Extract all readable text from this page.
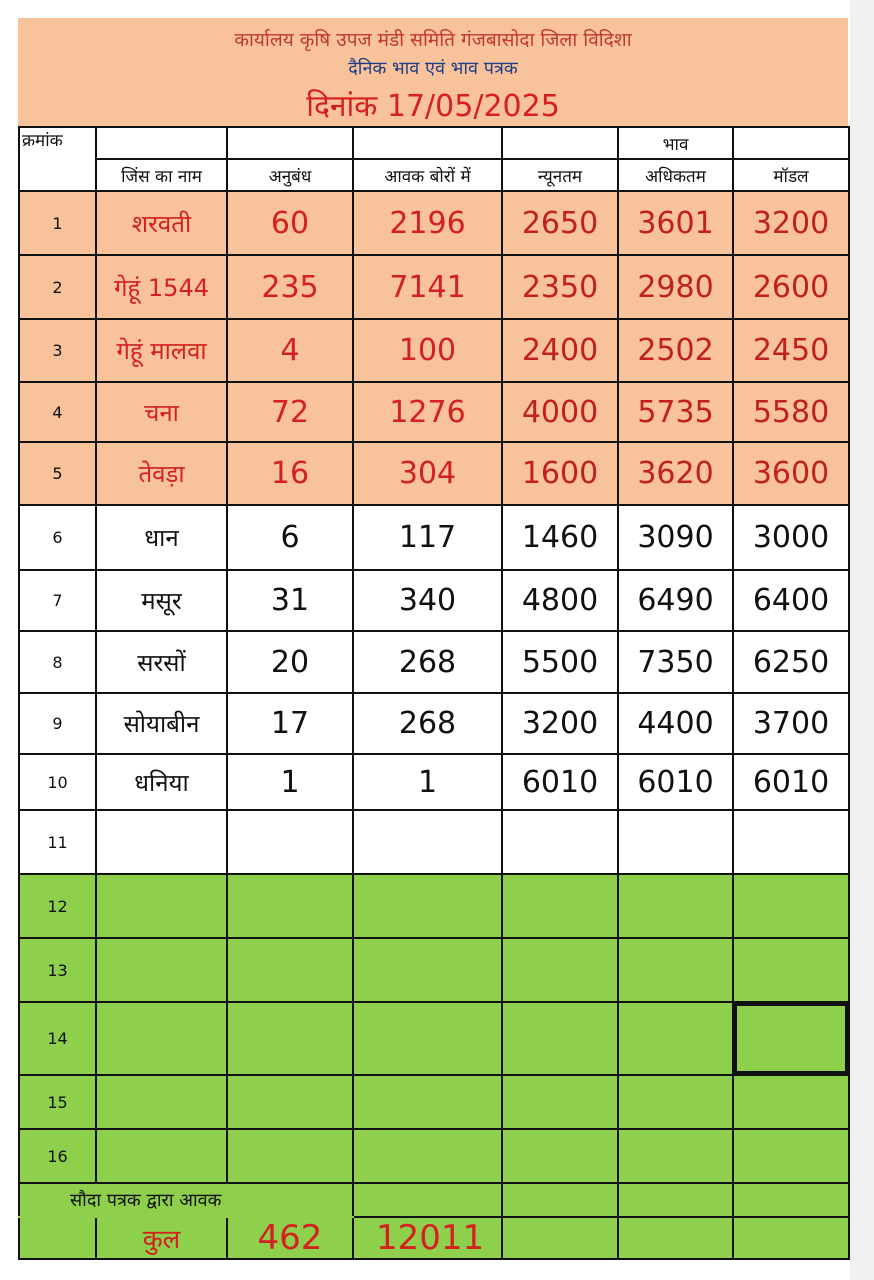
कार्यालय कृषि उपज मंडी समिति गंजबासोदा जिला विदिशा
दैनिक भाव एवं भाव पत्रक
दिनांक 17/05/2025
क्रमांक					भाव	
	जिंस का नाम	अनुबंध	आवक बोरों में	न्यूनतम	अधिकतम	मॉडल
1	शरवती	60	2196	2650	3601	3200
2	गेहूं 1544	235	7141	2350	2980	2600
3	गेहूं मालवा	4	100	2400	2502	2450
4	चना	72	1276	4000	5735	5580
5	तेवड़ा	16	304	1600	3620	3600
6	धान	6	117	1460	3090	3000
7	मसूर	31	340	4800	6490	6400
8	सरसों	20	268	5500	7350	6250
9	सोयाबीन	17	268	3200	4400	3700
10	धनिया	1	1	6010	6010	6010
11						
12						
13						
14						
15						
16						
सौदा पत्रक द्वारा आवक						
	कुल	462	12011			
